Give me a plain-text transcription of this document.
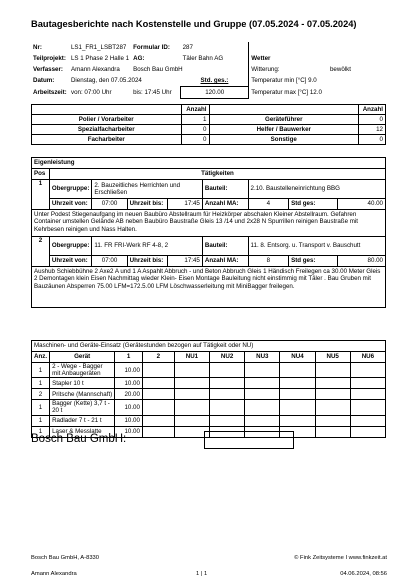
Bautagesberichte nach Kostenstelle und Gruppe (07.05.2024 - 07.05.2024)
Nr:	LS1_FR1_LSBT287	Formular ID:	287		
Teilprojekt:	LS 1 Phase 2 Halle 1	AG:	Täler Bahn AG	Wetter	
Verfasser:	Amann Alexandra	Bosch Bau GmbH		Witterung:	bewölkt
Datum:	Dienstag, den 07.05.2024		Std. ges.:	Temperatur min [°C] 9.0	
Arbeitszeit:	von: 07:00 Uhr	bis: 17:45 Uhr	120.00	Temperatur max [°C] 12.0	
	Anzahl		Anzahl
Polier / Vorarbeiter	1	Geräteführer	0
Spezialfacharbeiter	0	Helfer / Bauwerker	12
Facharbeiter	0	Sonstige	0
Eigenleistung								
Pos	Tätigkeiten							
1	Obergruppe:	2. Bauzeitliches Herrichten und Erschließen			Bauteil:	2.10. Baustelleneinrichtung BBG		
	Uhrzeit von:	07:00	Uhrzeit bis:	17:45	Anzahl MA:	4	Std ges:	40.00
Unter Podest Stiegenaufgang im neuen Baubüro Abstellraum für Heizkörper abschalen Kleiner Abstellraum. Gefahren Container umstellen Gelände AB neben Baubüro Baustraße Gleis 13 /14 und 2x28 N Spurrillen reinigen Baustraße mit Kehrbesen reinigen und Nass Halten.								
2	Obergruppe:	11. FR FRI-Werk RF 4-8, 2			Bauteil:	11. 8. Entsorg. u. Transport v. Bauschutt		
	Uhrzeit von:	07:00	Uhrzeit bis:	17:45	Anzahl MA:	8	Std ges:	80.00
Aushub Schiebbühne 2 Axe2 A und 1 A Aspahlt Abbruch - und Beton Abbruch Gleis 1 Händisch Freilegen ca 30.00 Meter Gleis 2 Demontagen klein Eisen Nachmittag wieder Klein- Eisen Montage Bauleitung nicht einstimmig mit Täler . Bau Gruben mit Bauzäunen Absperren 75.00 LFM=172.5.00 LFM Löschwasserleitung mit MiniBagger freilegen.								
Maschinen- und Geräte-Einsatz (Gerätestunden bezogen auf Tätigkeit oder NU)									
Anz.	Gerät	1	2	NU1	NU2	NU3	NU4	NU5	NU6
1	2 - Wege - Bagger mit Anbaugeräten	10.00							
1	Stapler 10 t	10.00							
2	Pritsche (Mannschaft)	20.00							
1	Bagger (Kette) 3,7 t - 20 t	10.00							
1	Radlader 7 t - 21 t	10.00							
1	Laser & Messlatte	10.00							
Bosch Bau GmbH:
Bosch Bau GmbH, A-8330	© Fink Zeitsysteme I www.finkzeit.at
Amann Alexandra	1 | 1	04.06.2024, 08:56
